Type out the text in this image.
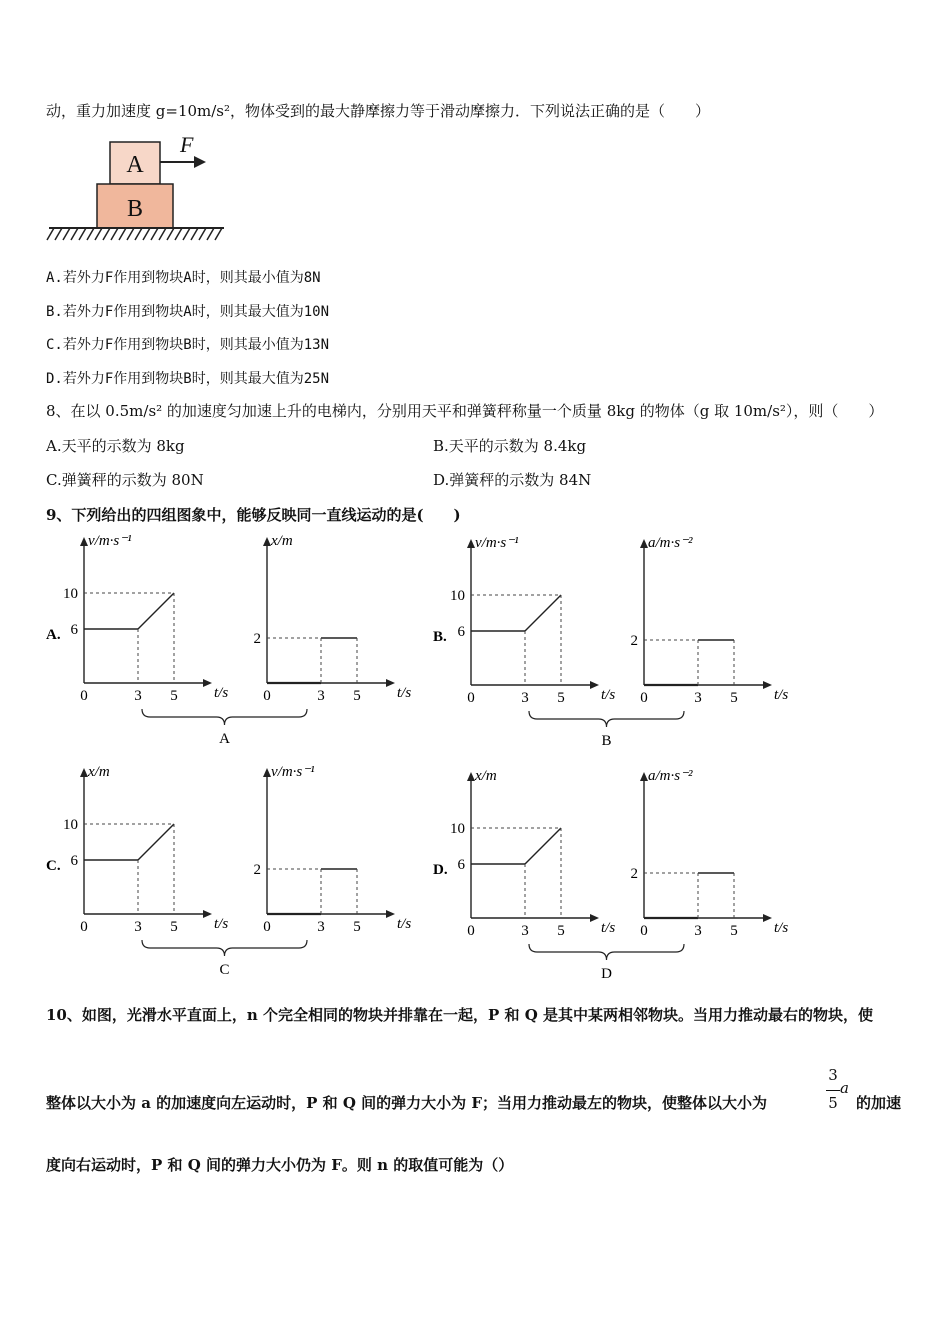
动，重力加速度 g=10m/s²，物体受到的最大静摩擦力等于滑动摩擦力．下列说法正确的是（　　）
A
B
F
A.若外力F作用到物块A时，则其最小值为8N
B.若外力F作用到物块A时，则其最大值为10N
C.若外力F作用到物块B时，则其最小值为13N
D.若外力F作用到物块B时，则其最大值为25N
8、在以 0.5m/s² 的加速度匀加速上升的电梯内，分别用天平和弹簧秤称量一个质量 8kg 的物体（g 取 10m/s²），则（　　）
A.天平的示数为 8kg	B.天平的示数为 8.4kg
C.弹簧秤的示数为 80N	D.弹簧秤的示数为 84N
9、下列给出的四组图象中，能够反映同一直线运动的是(　　)
v/m·s⁻¹
t/s
6
10
0	3 5
A.
x/m
t/s
2
0	3 5
A
v/m·s⁻¹
t/s
6
10
0	3 5
B.
a/m·s⁻²
t/s
2
0	3 5
B
x/m
t/s
6
10
0	3 5
C.
v/m·s⁻¹
t/s
2
0	3 5
C
x/m
t/s
6
10
0	3 5
D.
a/m·s⁻²
t/s
2
0	3 5
D
10、如图，光滑水平直面上，n 个完全相同的物块并排靠在一起，P 和 Q 是其中某两相邻物块。当用力推动最右的物块，使
整体以大小为 a 的加速度向左运动时，P 和 Q 间的弹力大小为 F；当用力推动最左的物块，使整体以大小为
3
5
a
的加速
度向右运动时，P 和 Q 间的弹力大小仍为 F。则 n 的取值可能为（）
